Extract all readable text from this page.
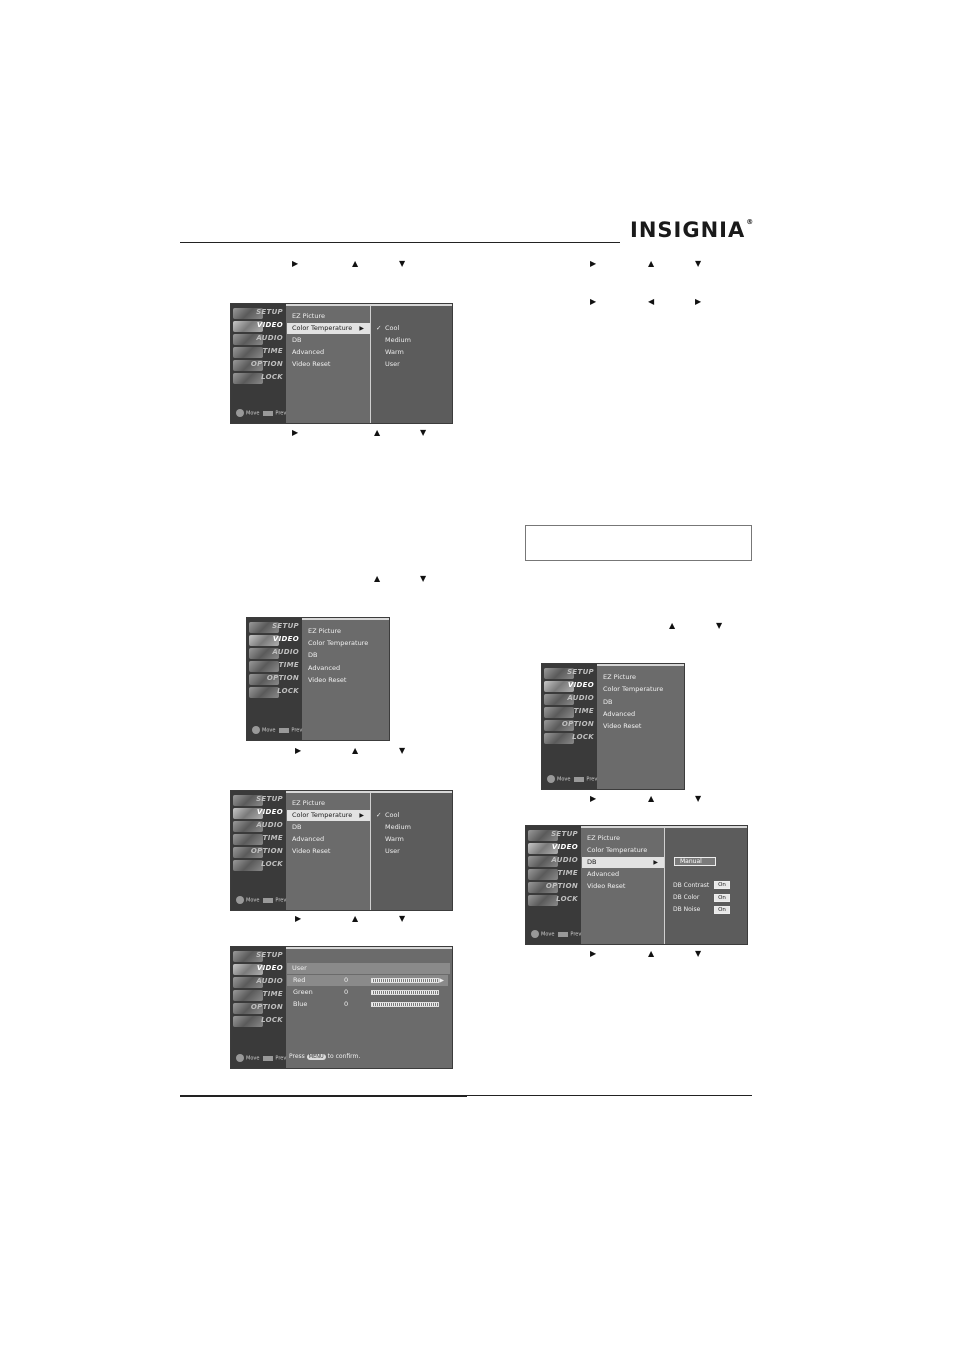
INSIGNIA®
▶	▲	▼
▶	▲	▼
▲	▼
▶	▲	▼
▶	▲	▼
▶	▲	▼
▶	◀	▶
▲	▼
▶	▲	▼
▶	▲	▼
SETUP
VIDEO
AUDIO
TIME
OPTION
LOCK
Move	Prev
EZ Picture
Color Temperature ▶
DB
Advanced
Video Reset
✓ Cool
Medium
Warm
User
SETUP
VIDEO
AUDIO
TIME
OPTION
LOCK
Move	Prev
EZ Picture
Color Temperature
DB
Advanced
Video Reset
SETUP
VIDEO
AUDIO
TIME
OPTION
LOCK
Move	Prev
EZ Picture
Color Temperature ▶
DB
Advanced
Video Reset
✓ Cool
Medium
Warm
User
SETUP
VIDEO
AUDIO
TIME
OPTION
LOCK
Move	Prev
User
Red	0	▶
Green	0
Blue	0
Press MENU to confirm.
SETUP
VIDEO
AUDIO
TIME
OPTION
LOCK
Move	Prev
EZ Picture
Color Temperature
DB
Advanced
Video Reset
SETUP
VIDEO
AUDIO
TIME
OPTION
LOCK
Move	Prev
EZ Picture
Color Temperature
DB	▶
Advanced
Video Reset
Manual
DB Contrast	On
DB Color	On
DB Noise	On
